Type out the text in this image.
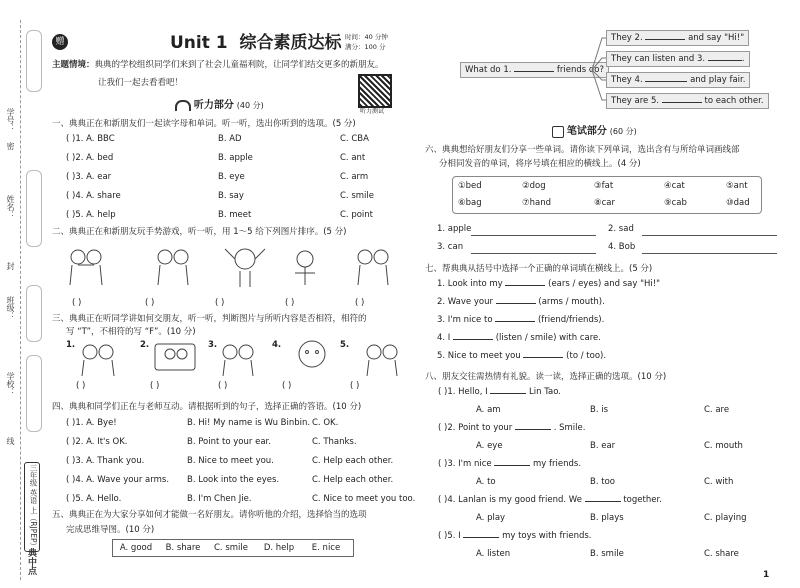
学号：
密
姓名：
封
班级：
学校：
线
三年级 英语 上（RJPEP）
典中点
赠	Unit 1 综合素质达标 时间：40 分钟
满分：100 分
主题情境：典典的学校组织同学们来到了社会儿童福利院，让同学们结交更多的新朋友。
让我们一起去看看吧！
听力测试
听力部分 (40 分)
一、典典正在和新朋友们一起读字母和单词。听一听，选出你听到的选项。(5 分)
( )1. A. BBC	B. AD	C. CBA
( )2. A. bed	B. apple	C. ant
( )3. A. ear	B. eye	C. arm
( )4. A. share	B. say	C. smile
( )5. A. help	B. meet	C. point
二、典典正在和新朋友玩手势游戏，听一听，用 1～5 给下列图片排序。(5 分)
( )	( )	( )	( )	( )
三、典典正在听同学讲如何交朋友，听一听，判断图片与所听内容是否相符，相符的
写 “T”，不相符的写 “F”。(10 分)
1.
( )
2.
( )
3.
( )
4.
( )
5.
( )
四、典典和同学们正在与老师互动。请根据听到的句子，选择正确的答语。(10 分)
( )1. A. Bye!	B. Hi! My name is Wu Binbin. C. OK.
( )2. A. It's OK.	B. Point to your ear.	C. Thanks.
( )3. A. Thank you.	B. Nice to meet you.	C. Help each other.
( )4. A. Wave your arms. B. Look into the eyes.	C. Help each other.
( )5. A. Hello.	B. I'm Chen Jie.	C. Nice to meet you too.
五、典典正在为大家分享如何才能做一名好朋友。请你听他的介绍，选择恰当的选项
完成思维导图。(10 分)
A. good B. share C. smile D. help E. nice
What do 1.	friends do?
They 2.	and say "Hi!"
They can listen and 3.	.
They 4.	and play fair.
They are 5.	to each other.
笔试部分 (60 分)
六、典典想给好朋友们分享一些单词。请你读下列单词，选出含有与所给单词画线部
分相同发音的单词，将序号填在相应的横线上。(4 分)
①bed	②dog	③fat	④cat	⑤ant
⑥bag	⑦hand	⑧car	⑨cab	⑩dad
1. apple	2. sad
3. can	4. Bob
七、帮典典从括号中选择一个正确的单词填在横线上。(5 分)
1. Look into my	(ears / eyes) and say "Hi!"
2. Wave your	(arms / mouth).
3. I'm nice to	(friend/friends).
4. I	(listen / smile) with care.
5. Nice to meet you	(to / too).
八、朋友交往需热情有礼貌。读一读，选择正确的选项。(10 分)
( )1. Hello, I	Lin Tao.
A. am	B. is	C. are
( )2. Point to your	. Smile.
A. eye	B. ear	C. mouth
( )3. I'm nice	my friends.
A. to	B. too	C. with
( )4. Lanlan is my good friend. We	together.
A. play	B. plays	C. playing
( )5. I	my toys with friends.
A. listen	B. smile	C. share
1
